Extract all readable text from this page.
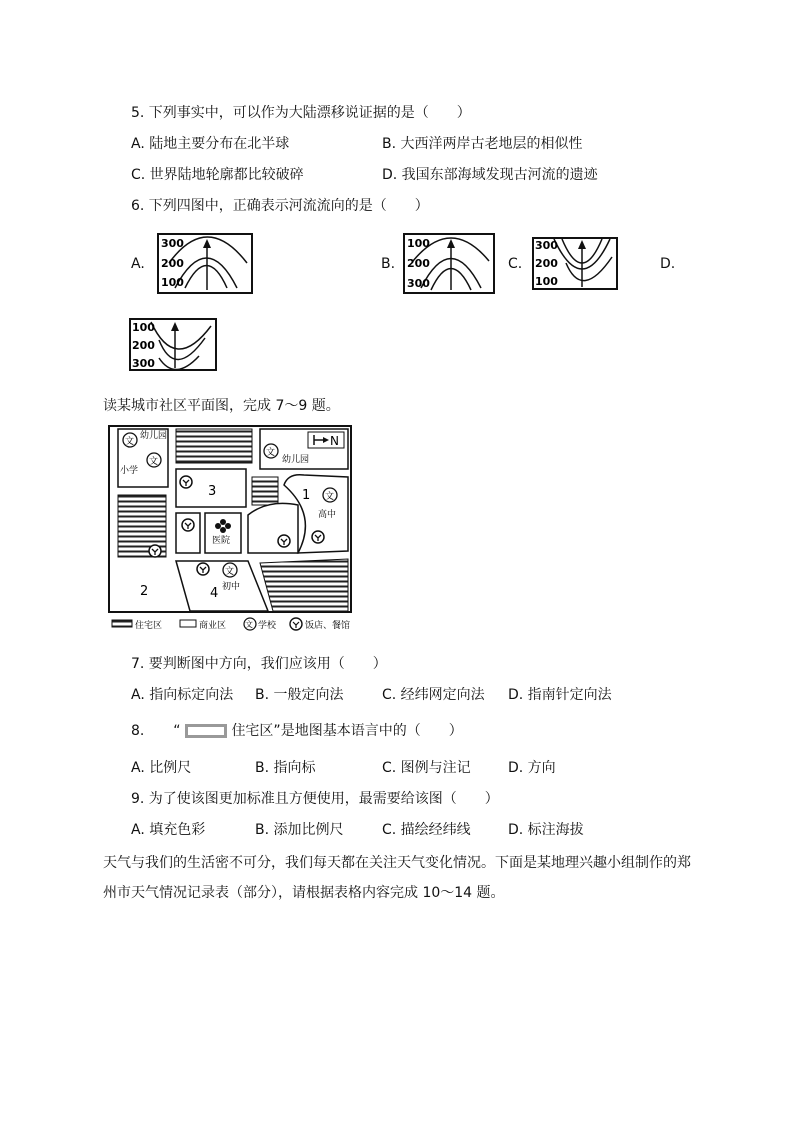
5. 下列事实中，可以作为大陆漂移说证据的是（　　）
A. 陆地主要分布在北半球	B. 大西洋两岸古老地层的相似性
C. 世界陆地轮廓都比较破碎	D. 我国东部海域发现古河流的遗迹
6. 下列四图中，正确表示河流流向的是（　　）
A.
300
200
100
B.
100
200
300
C.
300
200
100
D.
100
200
300
读某城市社区平面图，完成 7～9 题。
N
文
文
文
文
文
幼儿园
小学
幼儿园
高中
医院
初中
3	1
2	4
住宅区	商业区 文 学校	饭店、餐馆
7. 要判断图中方向，我们应该用（　　）
A. 指向标定向法 B. 一般定向法	C. 经纬网定向法 D. 指南针定向法
8. “	住宅区”是地图基本语言中的（　　）
A. 比例尺	B. 指向标	C. 图例与注记	D. 方向
9. 为了使该图更加标准且方便使用，最需要给该图（　　）
A. 填充色彩	B. 添加比例尺	C. 描绘经纬线	D. 标注海拔
天气与我们的生活密不可分，我们每天都在关注天气变化情况。下面是某地理兴趣小组制作的郑
州市天气情况记录表（部分），请根据表格内容完成 10～14 题。
